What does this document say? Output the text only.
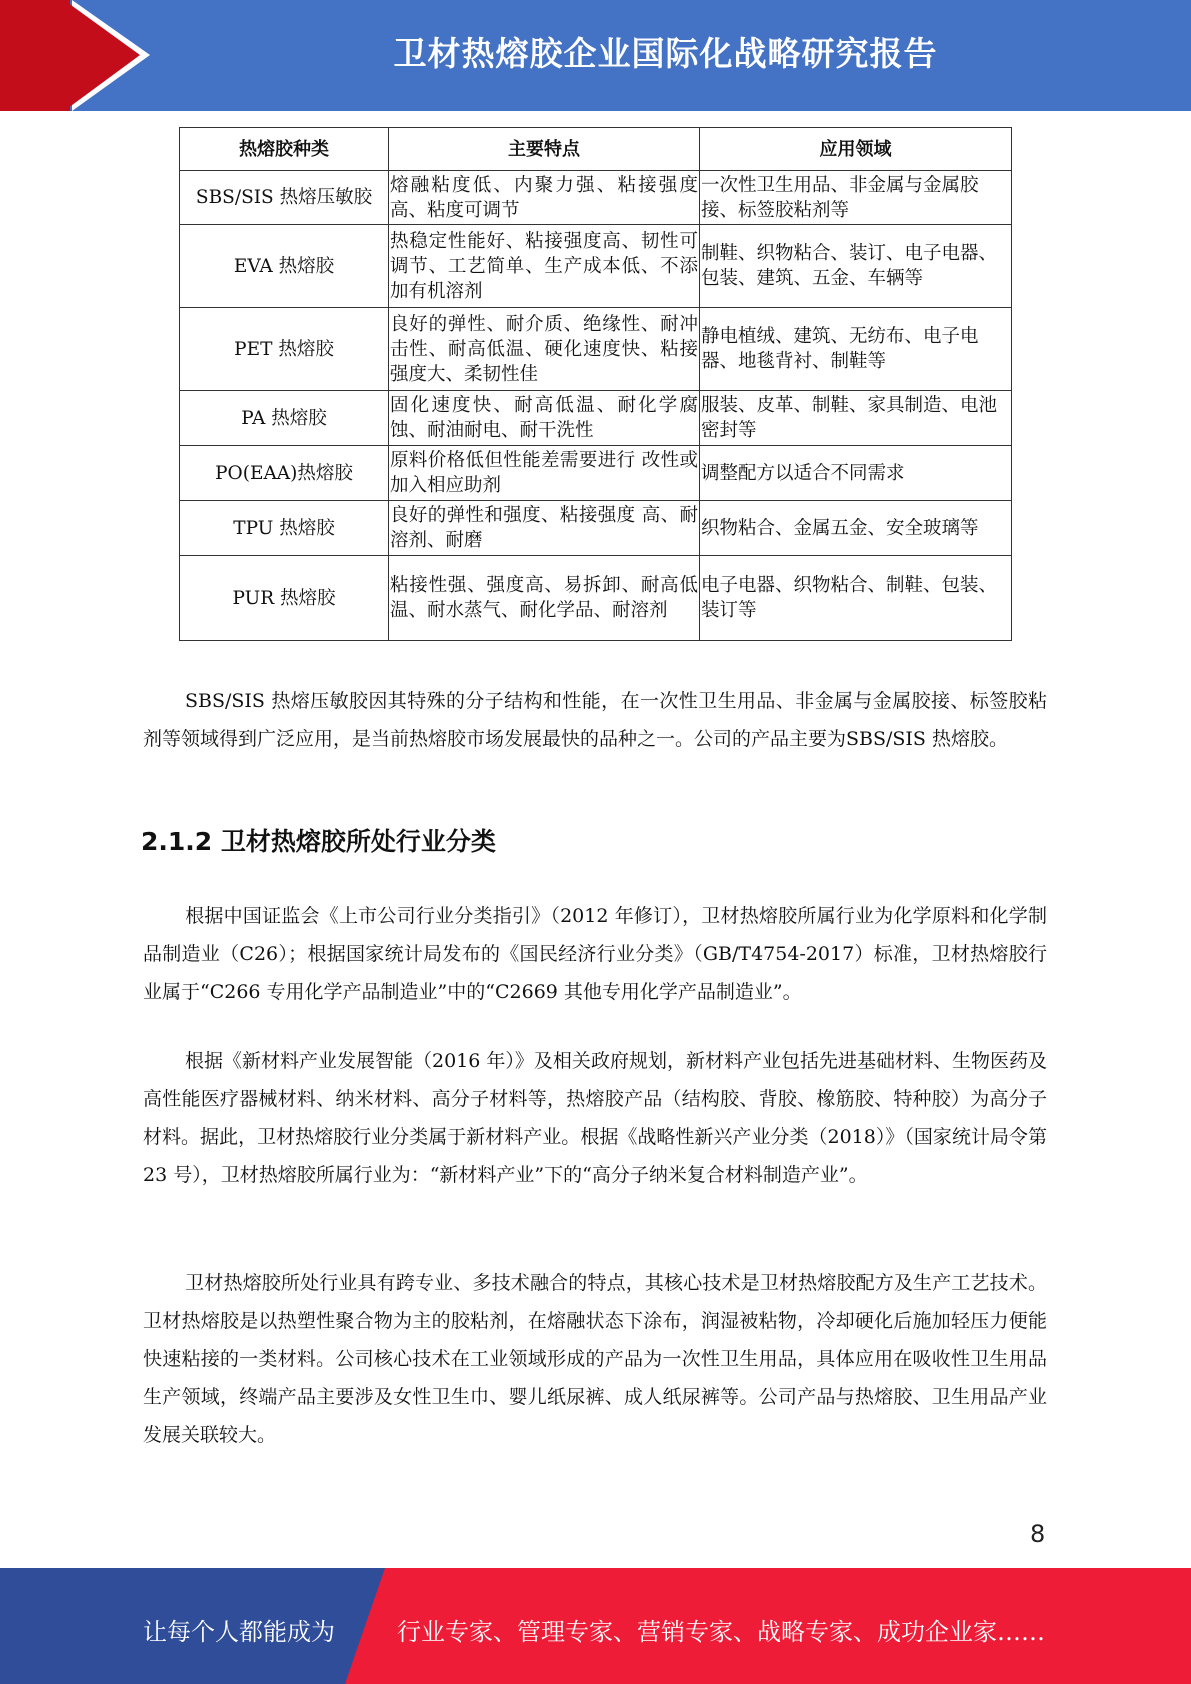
卫材热熔胶企业国际化战略研究报告
热熔胶种类	主要特点	应用领域
SBS/SIS 热熔压敏胶	熔融粘度低、内聚力强、粘接强度高、粘度可调节	一次性卫生用品、非金属与金属胶接、标签胶粘剂等
EVA 热熔胶	热稳定性能好、粘接强度高、韧性可调节、工艺简单、生产成本低、不添加有机溶剂	制鞋、织物粘合、装订、电子电器、包装、建筑、五金、车辆等
PET 热熔胶	良好的弹性、耐介质、绝缘性、耐冲击性、耐高低温、硬化速度快、粘接强度大、柔韧性佳	静电植绒、建筑、无纺布、电子电器、地毯背衬、制鞋等
PA 热熔胶	固化速度快、耐高低温、耐化学腐蚀、耐油耐电、耐干洗性	服装、皮革、制鞋、家具制造、电池密封等
PO(EAA)热熔胶	原料价格低但性能差需要进行 改性或加入相应助剂	调整配方以适合不同需求
TPU 热熔胶	良好的弹性和强度、粘接强度 高、耐溶剂、耐磨	织物粘合、金属五金、安全玻璃等
PUR 热熔胶	粘接性强、强度高、易拆卸、耐高低温、耐水蒸气、耐化学品、耐溶剂	电子电器、织物粘合、制鞋、包装、装订等
SBS/SIS 热熔压敏胶因其特殊的分子结构和性能，在一次性卫生用品、非金属与金属胶接、标签胶粘剂等领域得到广泛应用，是当前热熔胶市场发展最快的品种之一。公司的产品主要为SBS/SIS 热熔胶。
2.1.2 卫材热熔胶所处行业分类
根据中国证监会《上市公司行业分类指引》（2012 年修订），卫材热熔胶所属行业为化学原料和化学制品制造业（C26）；根据国家统计局发布的《国民经济行业分类》（GB/T4754-2017）标准，卫材热熔胶行业属于“C266 专用化学产品制造业”中的“C2669 其他专用化学产品制造业”。
根据《新材料产业发展智能（2016 年）》及相关政府规划，新材料产业包括先进基础材料、生物医药及高性能医疗器械材料、纳米材料、高分子材料等，热熔胶产品（结构胶、背胶、橡筋胶、特种胶）为高分子材料。据此，卫材热熔胶行业分类属于新材料产业。根据《战略性新兴产业分类（2018）》（国家统计局令第 23 号），卫材热熔胶所属行业为：“新材料产业”下的“高分子纳米复合材料制造产业”。
卫材热熔胶所处行业具有跨专业、多技术融合的特点，其核心技术是卫材热熔胶配方及生产工艺技术。卫材热熔胶是以热塑性聚合物为主的胶粘剂，在熔融状态下涂布，润湿被粘物，冷却硬化后施加轻压力便能快速粘接的一类材料。公司核心技术在工业领域形成的产品为一次性卫生用品，具体应用在吸收性卫生用品生产领域，终端产品主要涉及女性卫生巾、婴儿纸尿裤、成人纸尿裤等。公司产品与热熔胶、卫生用品产业发展关联较大。
8
让每个人都能成为	行业专家、管理专家、营销专家、战略专家、成功企业家……
